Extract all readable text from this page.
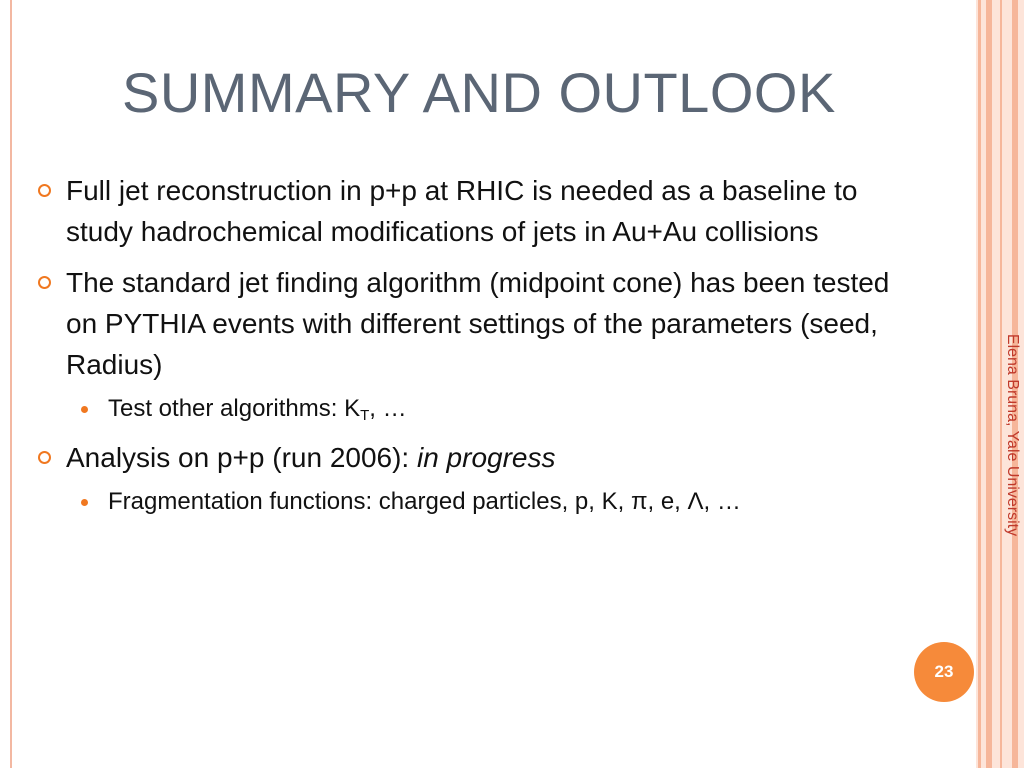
SUMMARY AND OUTLOOK
Full jet reconstruction in p+p at RHIC is needed as a baseline to study hadrochemical modifications of jets in Au+Au collisions
The standard jet finding algorithm (midpoint cone) has been tested on PYTHIA events with different settings of the parameters (seed, Radius)
Test other algorithms: $K_T$, …
Analysis on p+p (run 2006): in progress
Fragmentation functions: charged particles, p, K, π, e, Λ, …	Elena Bruna, Yale University
23
